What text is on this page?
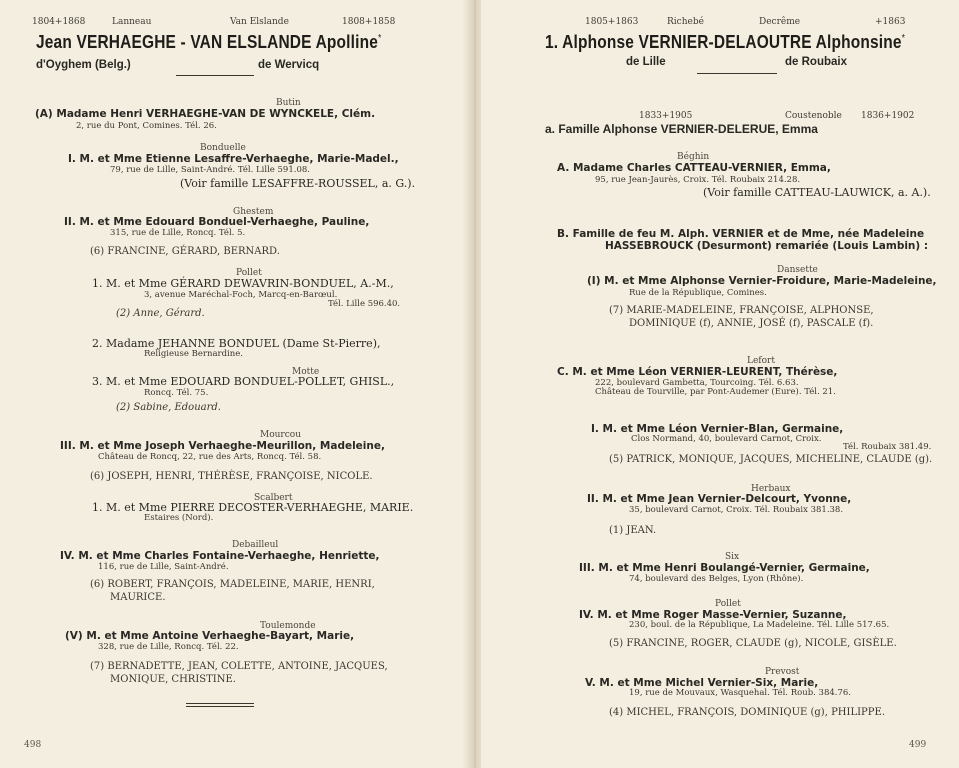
1804+1868	Lanneau	Van Elslande	1808+1858
Jean VERHAEGHE - VAN ELSLANDE Apolline*
d'Oyghem (Belg.)	de Wervicq
Butin
(A) Madame Henri VERHAEGHE-VAN DE WYNCKELE, Clém.
2, rue du Pont, Comines. Tél. 26.
Bonduelle
I. M. et Mme Etienne Lesaffre-Verhaeghe, Marie-Madel.,
79, rue de Lille, Saint-André. Tél. Lille 591.08.
(Voir famille LESAFFRE-ROUSSEL, a. G.).
Ghestem
II. M. et Mme Edouard Bonduel-Verhaeghe, Pauline,
315, rue de Lille, Roncq. Tél. 5.
(6) FRANCINE, GÉRARD, BERNARD.
Pollet
1. M. et Mme GÉRARD DEWAVRIN-BONDUEL, A.-M.,
3, avenue Maréchal-Foch, Marcq-en-Barœul.
Tél. Lille 596.40.
(2) Anne, Gérard.
2. Madame JEHANNE BONDUEL (Dame St-Pierre),
Religieuse Bernardine.
Motte
3. M. et Mme EDOUARD BONDUEL-POLLET, GHISL.,
Roncq. Tél. 75.
(2) Sabine, Edouard.
Mourcou
III. M. et Mme Joseph Verhaeghe-Meurillon, Madeleine,
Château de Roncq, 22, rue des Arts, Roncq. Tél. 58.
(6) JOSEPH, HENRI, THÉRÈSE, FRANÇOISE, NICOLE.
Scalbert
1. M. et Mme PIERRE DECOSTER-VERHAEGHE, MARIE.
Estaires (Nord).
Debailleul
IV. M. et Mme Charles Fontaine-Verhaeghe, Henriette,
116, rue de Lille, Saint-André.
(6) ROBERT, FRANÇOIS, MADELEINE, MARIE, HENRI,
MAURICE.
Toulemonde
(V) M. et Mme Antoine Verhaeghe-Bayart, Marie,
328, rue de Lille, Roncq. Tél. 22.
(7) BERNADETTE, JEAN, COLETTE, ANTOINE, JACQUES,
MONIQUE, CHRISTINE.
498
1805+1863	Richebé	Decrême	+1863
1. Alphonse VERNIER-DELAOUTRE Alphonsine*
de Lille	de Roubaix
1833+1905	Coustenoble 1836+1902
a. Famille Alphonse VERNIER-DELERUE, Emma
Béghin
A. Madame Charles CATTEAU-VERNIER, Emma,
95, rue Jean-Jaurès, Croix. Tél. Roubaix 214.28.
(Voir famille CATTEAU-LAUWICK, a. A.).
B. Famille de feu M. Alph. VERNIER et de Mme, née Madeleine
HASSEBROUCK (Desurmont) remariée (Louis Lambin) :
Dansette
(I) M. et Mme Alphonse Vernier-Froidure, Marie-Madeleine,
Rue de la République, Comines.
(7) MARIE-MADELEINE, FRANÇOISE, ALPHONSE,
DOMINIQUE (f), ANNIE, JOSÉ (f), PASCALE (f).
Lefort
C. M. et Mme Léon VERNIER-LEURENT, Thérèse,
222, boulevard Gambetta, Tourcoing. Tél. 6.63.
Château de Tourville, par Pont-Audemer (Eure). Tél. 21.
I. M. et Mme Léon Vernier-Blan, Germaine,
Clos Normand, 40, boulevard Carnot, Croix.
Tél. Roubaix 381.49.
(5) PATRICK, MONIQUE, JACQUES, MICHELINE, CLAUDE (g).
Herbaux
II. M. et Mme Jean Vernier-Delcourt, Yvonne,
35, boulevard Carnot, Croix. Tél. Roubaix 381.38.
(1) JEAN.
Six
III. M. et Mme Henri Boulangé-Vernier, Germaine,
74, boulevard des Belges, Lyon (Rhône).
Pollet
IV. M. et Mme Roger Masse-Vernier, Suzanne,
230, boul. de la République, La Madeleine. Tél. Lille 517.65.
(5) FRANCINE, ROGER, CLAUDE (g), NICOLE, GISÈLE.
Prevost
V. M. et Mme Michel Vernier-Six, Marie,
19, rue de Mouvaux, Wasquehal. Tél. Roub. 384.76.
(4) MICHEL, FRANÇOIS, DOMINIQUE (g), PHILIPPE.
499
